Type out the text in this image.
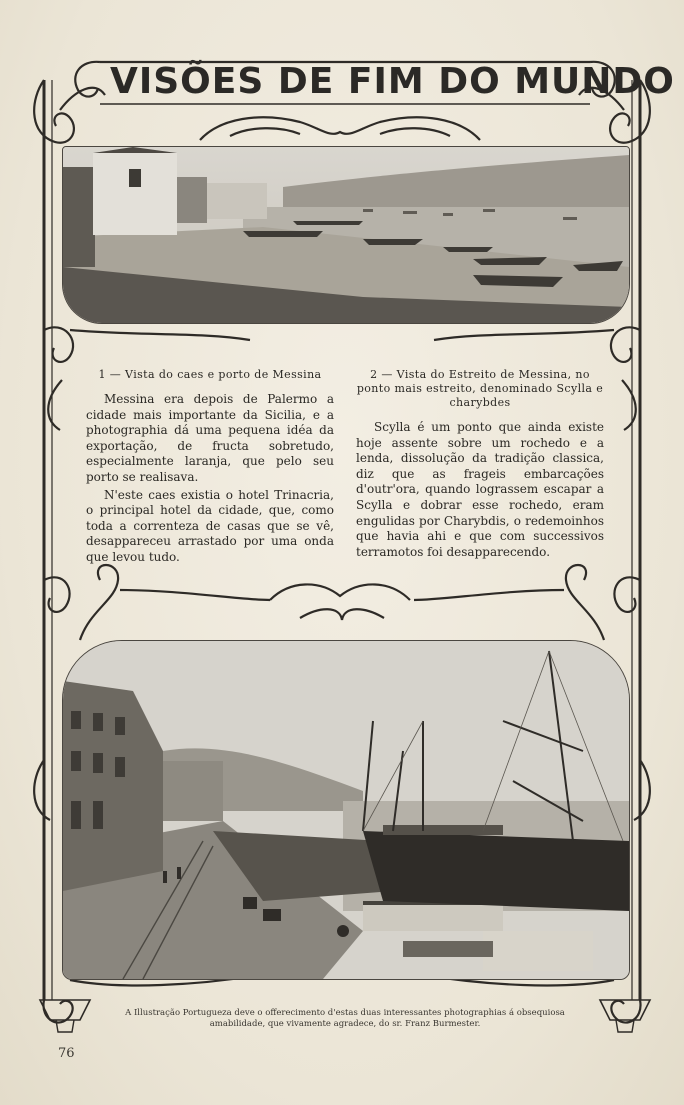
VISÕES DE FIM DO MUNDO

1 — Vista do caes e porto de Messina

Messina era depois de Palermo a cidade mais importante da Sicilia, e a photographia dá uma pequena idéa da exportação, de fructa sobretudo, especialmente laranja, que pelo seu porto se realisava.

N'este caes existia o hotel Trinacria, o principal hotel da cidade, que, como toda a correnteza de casas que se vê, desappareceu arrastado por uma onda que levou tudo.

2 — Vista do Estreito de Messina, no ponto mais estreito, denominado Scylla e charybdes

Scylla é um ponto que ainda existe hoje assente sobre um rochedo e a lenda, dissolução da tradição classica, diz que as frageis embarcações d'outr'ora, quando lograssem escapar a Scylla e dobrar esse rochedo, eram engulidas por Charybdis, o redemoinhos que havia ahi e que com successivos terramotos foi desapparecendo.

A Illustração Portugueza deve o offerecimento d'estas duas interessantes photographias á obsequiosa amabilidade, que vivamente agradece, do sr. Franz Burmester.
76
